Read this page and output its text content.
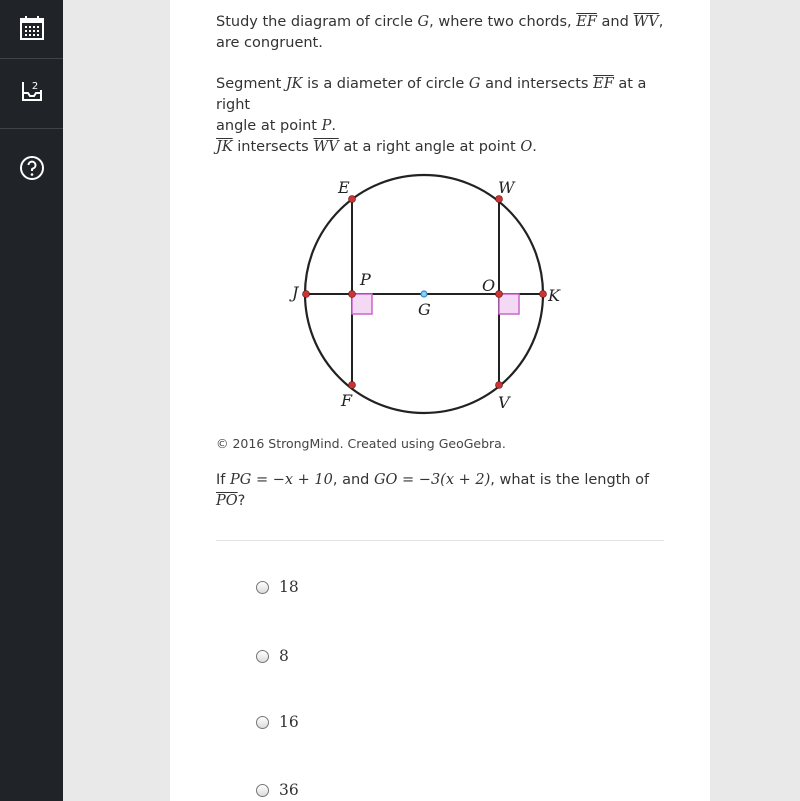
2
Study the diagram of circle G, where two chords, $\overline{EF}$ and $\overline{WV}$,
are congruent.
Segment JK is a diameter of circle G and intersects $\overline{EF}$ at a right
angle at point P.
$\overline{JK}$ intersects $\overline{WV}$ at a right angle at point O.
E	W
J
P	O
K
G
F	V
© 2016 StrongMind. Created using GeoGebra.
If PG = −x + 10, and GO = −3(x + 2), what is the length of
$\overline{PO}$?
18
8
16
36
